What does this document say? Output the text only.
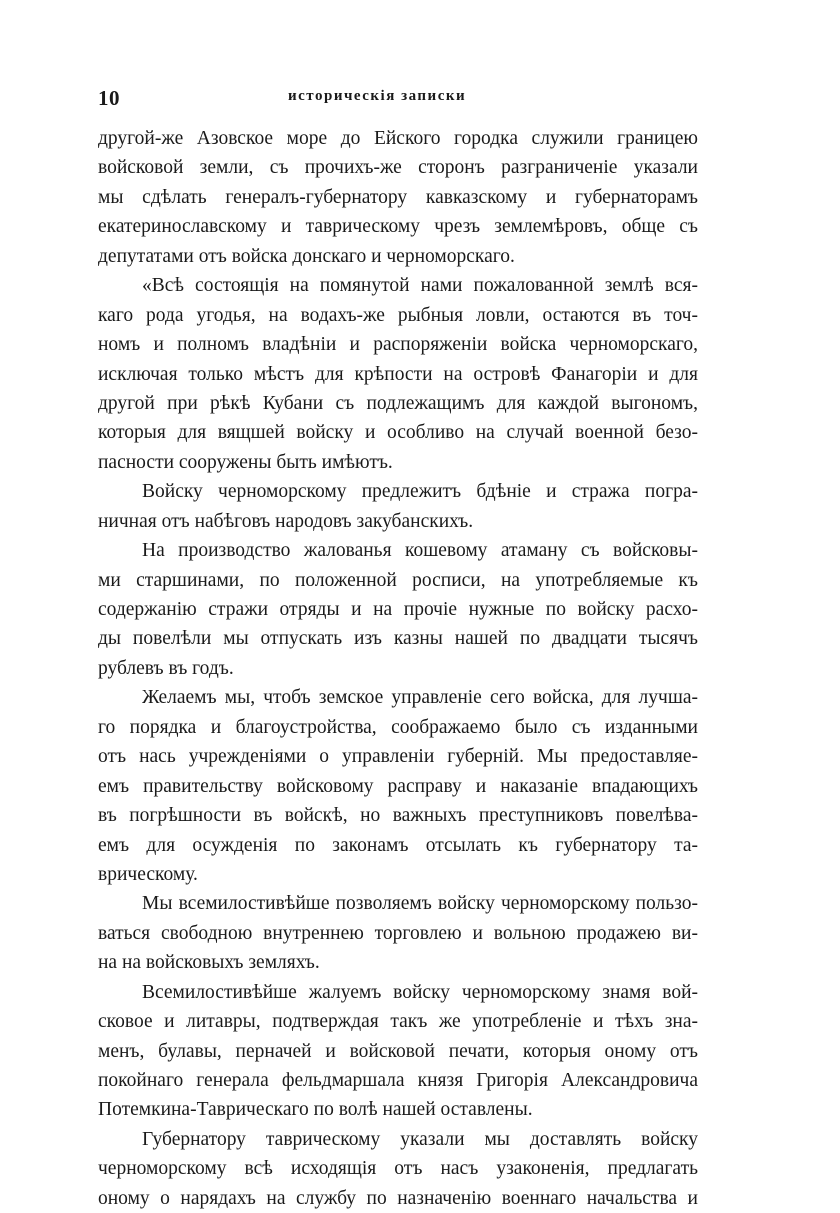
10	историческія записки
другой-же Азовское море до Ейского городка служили границею
войсковой земли, съ прочихъ-же сторонъ разграниченіе указали
мы сдѣлать генералъ-губернатору кавказскому и губернаторамъ
екатеринославскому и таврическому чрезъ землемѣровъ, обще съ
депутатами отъ войска донскаго и черноморскаго.
«Всѣ состоящія на помянутой нами пожалованной землѣ вся-
каго рода угодья, на водахъ-же рыбныя ловли, остаются въ точ-
номъ и полномъ владѣніи и распоряженіи войска черноморскаго,
исключая только мѣстъ для крѣпости на островѣ Фанагоріи и для
другой при рѣкѣ Кубани съ подлежащимъ для каждой выгономъ,
которыя для вящшей войску и особливо на случай военной безо-
пасности сооружены быть имѣютъ.
Войску черноморскому предлежитъ бдѣніе и стража погра-
ничная отъ набѣговъ народовъ закубанскихъ.
На производство жалованья кошевому атаману съ войсковы-
ми старшинами, по положенной росписи, на употребляемые къ
содержанію стражи отряды и на прочіе нужные по войску расхо-
ды повелѣли мы отпускать изъ казны нашей по двадцати тысячъ
рублевъ въ годъ.
Желаемъ мы, чтобъ земское управленіе сего войска, для лучша-
го порядка и благоустройства, соображаемо было съ изданными
отъ нась учрежденіями о управленіи губерній. Мы предоставляе-
емъ правительству войсковому расправу и наказаніе впадающихъ
въ погрѣшности въ войскѣ, но важныхъ преступниковъ повелѣва-
емъ для осужденія по законамъ отсылать къ губернатору та-
врическому.
Мы всемилостивѣйше позволяемъ войску черноморскому пользо-
ваться свободною внутреннею торговлею и вольною продажею ви-
на на войсковыхъ земляхъ.
Всемилостивѣйше жалуемъ войску черноморскому знамя вой-
сковое и литавры, подтверждая такъ же употребленіе и тѣхъ зна-
менъ, булавы, перначей и войсковой печати, которыя оному отъ
покойнаго генерала фельдмаршала князя Григорія Александровича
Потемкина-Таврическаго по волѣ нашей оставлены.
Губернатору таврическому указали мы доставлять войску
черноморскому всѣ исходящія отъ насъ узаконенія, предлагать
оному о нарядахъ на службу по назначенію военнаго начальства и
